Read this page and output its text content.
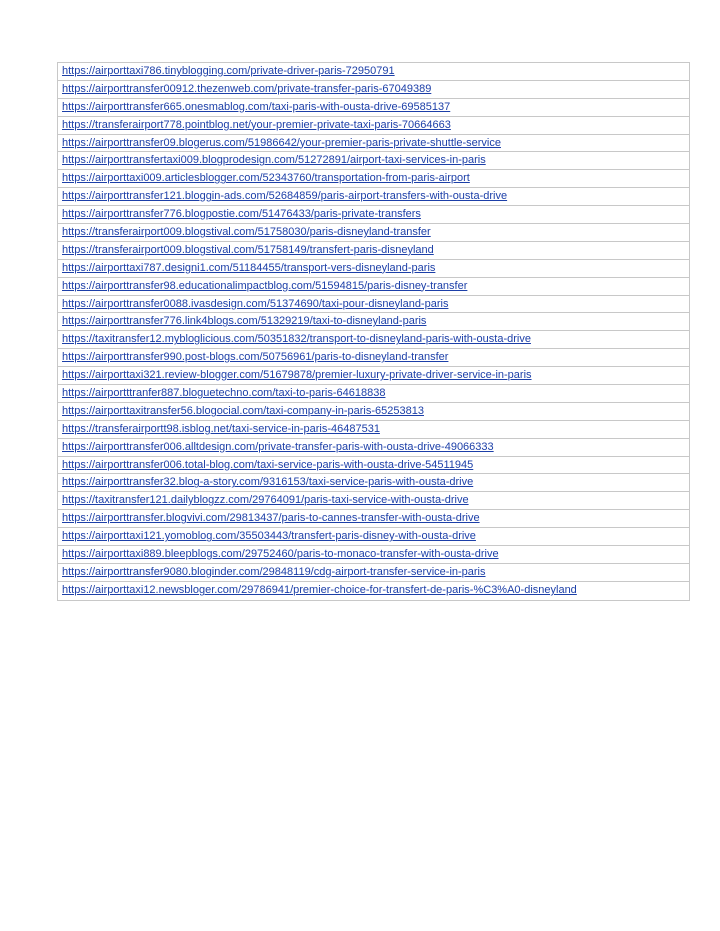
https://airporttaxi786.tinyblogging.com/private-driver-paris-72950791
https://airporttransfer00912.thezenweb.com/private-transfer-paris-67049389
https://airporttransfer665.onesmablog.com/taxi-paris-with-ousta-drive-69585137
https://transferairport778.pointblog.net/your-premier-private-taxi-paris-70664663
https://airporttransfer09.blogerus.com/51986642/your-premier-paris-private-shuttle-service
https://airporttransfertaxi009.blogprodesign.com/51272891/airport-taxi-services-in-paris
https://airporttaxi009.articlesblogger.com/52343760/transportation-from-paris-airport
https://airporttransfer121.bloggin-ads.com/52684859/paris-airport-transfers-with-ousta-drive
https://airporttransfer776.blogpostie.com/51476433/paris-private-transfers
https://transferairport009.blogstival.com/51758030/paris-disneyland-transfer
https://transferairport009.blogstival.com/51758149/transfert-paris-disneyland
https://airporttaxi787.designi1.com/51184455/transport-vers-disneyland-paris
https://airporttransfer98.educationalimpactblog.com/51594815/paris-disney-transfer
https://airporttransfer0088.ivasdesign.com/51374690/taxi-pour-disneyland-paris
https://airporttransfer776.link4blogs.com/51329219/taxi-to-disneyland-paris
https://taxitransfer12.mybloglicious.com/50351832/transport-to-disneyland-paris-with-ousta-drive
https://airporttransfer990.post-blogs.com/50756961/paris-to-disneyland-transfer
https://airporttaxi321.review-blogger.com/51679878/premier-luxury-private-driver-service-in-paris
https://airportttranfer887.bloguetechno.com/taxi-to-paris-64618838
https://airporttaxitransfer56.blogocial.com/taxi-company-in-paris-65253813
https://transferairportt98.isblog.net/taxi-service-in-paris-46487531
https://airporttransfer006.alltdesign.com/private-transfer-paris-with-ousta-drive-49066333
https://airporttransfer006.total-blog.com/taxi-service-paris-with-ousta-drive-54511945
https://airporttransfer32.blog-a-story.com/9316153/taxi-service-paris-with-ousta-drive
https://taxitransfer121.dailyblogzz.com/29764091/paris-taxi-service-with-ousta-drive
https://airporttransfer.blogvivi.com/29813437/paris-to-cannes-transfer-with-ousta-drive
https://airporttaxi121.yomoblog.com/35503443/transfert-paris-disney-with-ousta-drive
https://airporttaxi889.bleepblogs.com/29752460/paris-to-monaco-transfer-with-ousta-drive
https://airporttransfer9080.bloginder.com/29848119/cdg-airport-transfer-service-in-paris
https://airporttaxi12.newsbloger.com/29786941/premier-choice-for-transfert-de-paris-%C3%A0-disneyland
